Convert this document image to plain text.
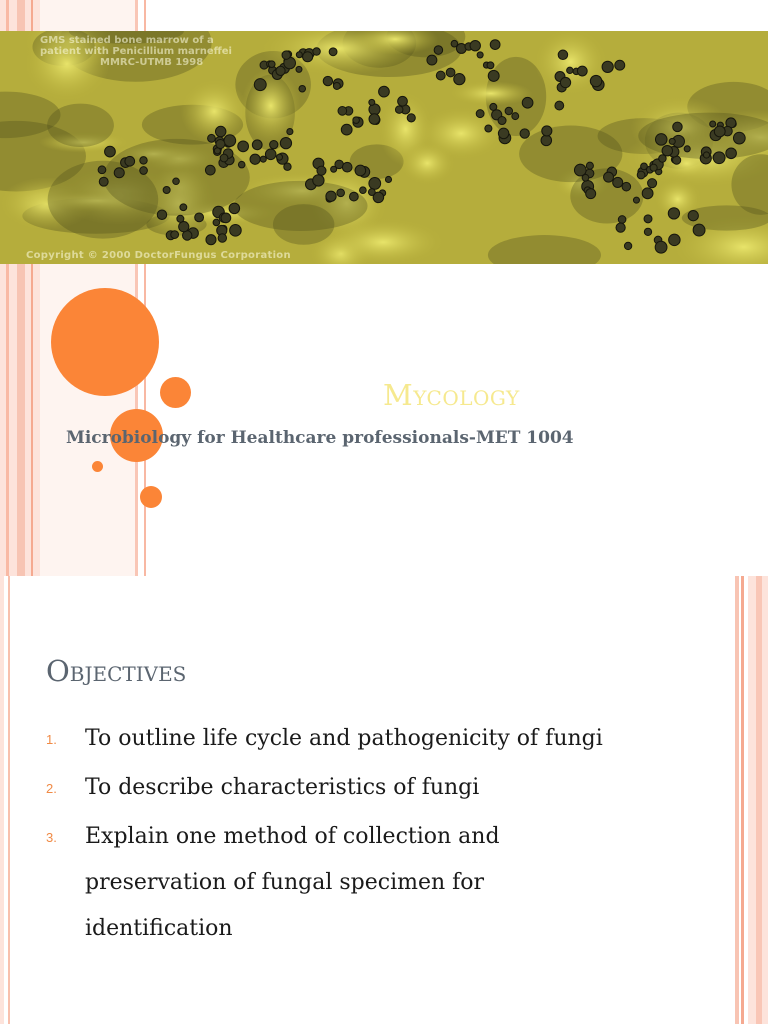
GMS stained bone marrow of a
patient with Penicillium marneffei
MMRC-UTMB 1998
Copyright © 2000 DoctorFungus Corporation
Mycology
Microbiology for Healthcare professionals-MET 1004
Objectives
1.	To outline life cycle and pathogenicity of fungi
2.	To describe characteristics of fungi
3.	Explain one method of collection and preservation of fungal specimen for identification
